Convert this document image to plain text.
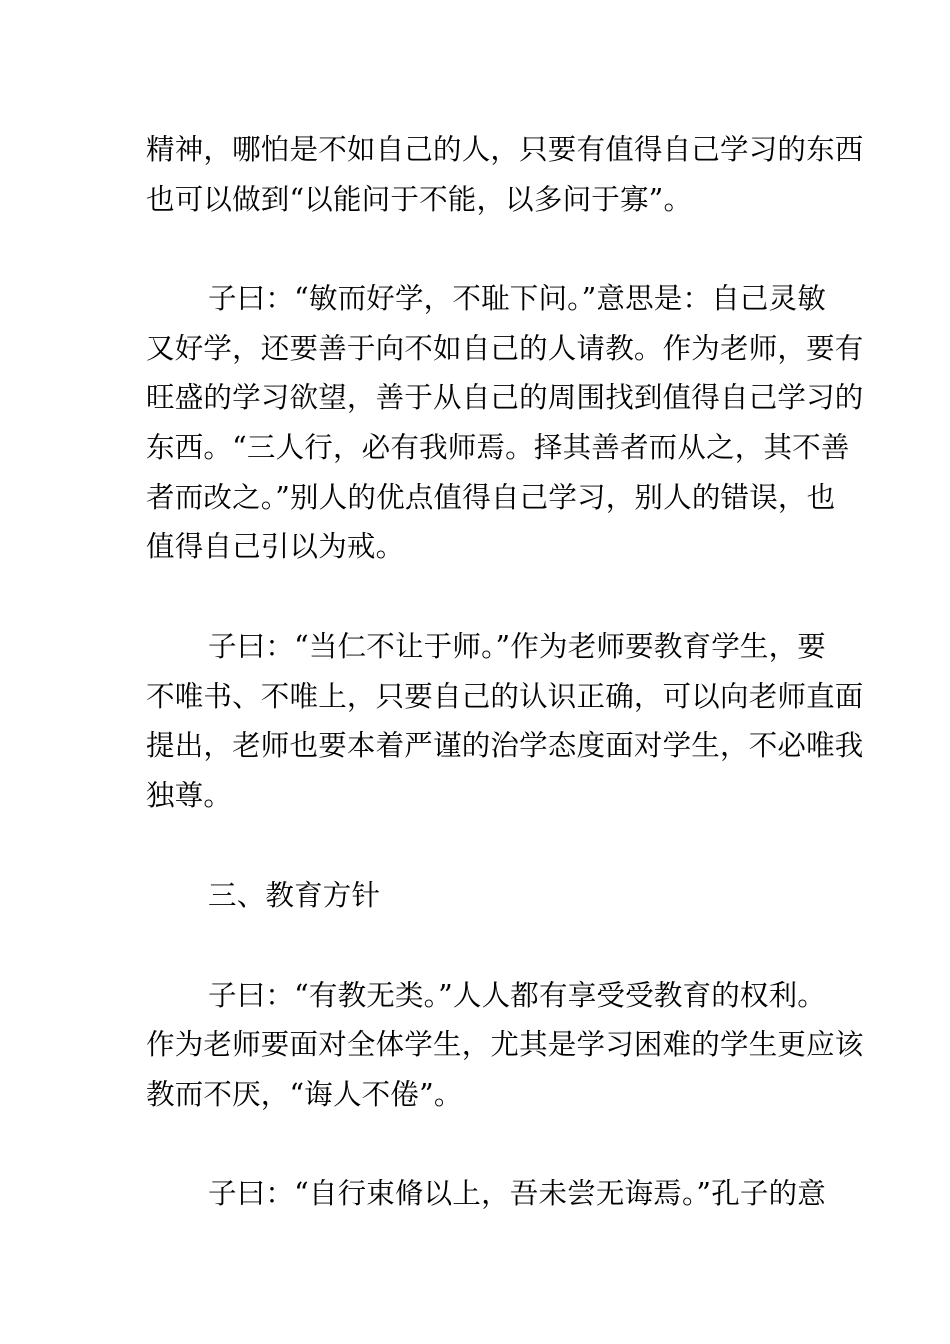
精神，哪怕是不如自己的人，只要有值得自己学习的东西
也可以做到“以能问于不能，以多问于寡”。
子曰：“敏而好学，不耻下问。”意思是：自己灵敏
又好学，还要善于向不如自己的人请教。作为老师，要有
旺盛的学习欲望，善于从自己的周围找到值得自己学习的
东西。“三人行，必有我师焉。择其善者而从之，其不善
者而改之。”别人的优点值得自己学习，别人的错误，也
值得自己引以为戒。
子曰：“当仁不让于师。”作为老师要教育学生，要
不唯书、不唯上，只要自己的认识正确，可以向老师直面
提出，老师也要本着严谨的治学态度面对学生，不必唯我
独尊。
三、教育方针
子曰：“有教无类。”人人都有享受受教育的权利。
作为老师要面对全体学生，尤其是学习困难的学生更应该
教而不厌，“诲人不倦”。
子曰：“自行束脩以上，吾未尝无诲焉。”孔子的意
